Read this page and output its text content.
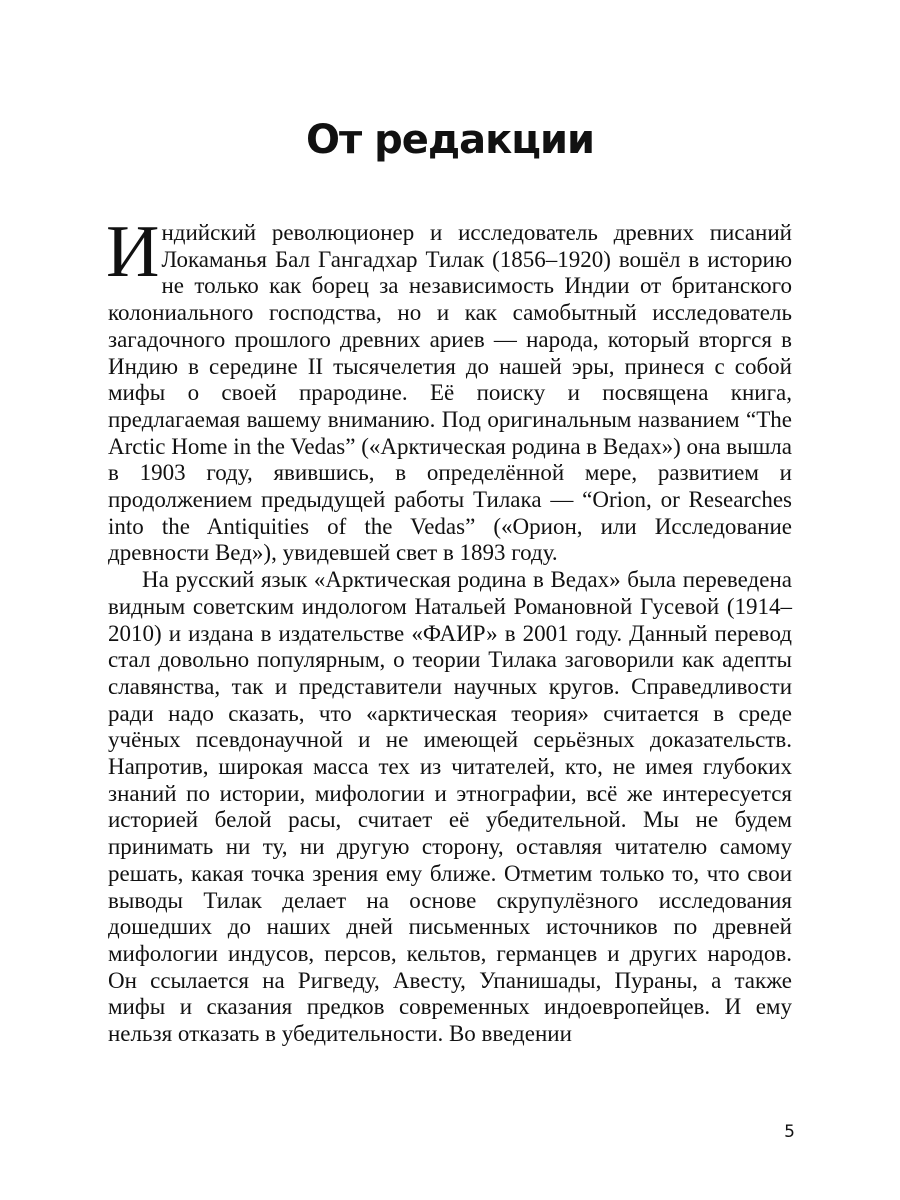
От редакции

Индийский революционер и исследователь древних писаний Локаманья Бал Гангадхар Тилак (1856–1920) вошёл в историю не только как борец за независимость Индии от британского колониального господства, но и как самобытный исследователь загадочного прошлого древних ариев — народа, который вторгся в Индию в середине II тысячелетия до нашей эры, принеся с собой мифы о своей прародине. Её поиску и посвящена книга, предлагаемая вашему вниманию. Под оригинальным названием “The Arctic Home in the Vedas” («Арктическая родина в Ведах») она вышла в 1903 году, явившись, в определённой мере, развитием и продолжением предыдущей работы Тилака — “Orion, or Researches into the Antiquities of the Vedas” («Орион, или Исследование древности Вед»), увидевшей свет в 1893 году.

На русский язык «Арктическая родина в Ведах» была переведена видным советским индологом Натальей Романовной Гусевой (1914–2010) и издана в издательстве «ФАИР» в 2001 году. Данный перевод стал довольно популярным, о теории Тилака заговорили как адепты славянства, так и представители научных кругов. Справедливости ради надо сказать, что «арктическая теория» считается в среде учёных псевдонаучной и не имеющей серьёзных доказательств. Напротив, широкая масса тех из читателей, кто, не имея глубоких знаний по истории, мифологии и этнографии, всё же интересуется историей белой расы, считает её убедительной. Мы не будем принимать ни ту, ни другую сторону, оставляя читателю самому решать, какая точка зрения ему ближе. Отметим только то, что свои выводы Тилак делает на основе скрупулёзного исследования дошедших до наших дней письменных источников по древней мифологии индусов, персов, кельтов, германцев и других народов. Он ссылается на Ригведу, Авесту, Упанишады, Пураны, а также мифы и сказания предков современных индоевропейцев. И ему нельзя отказать в убедительности. Во введении

5
